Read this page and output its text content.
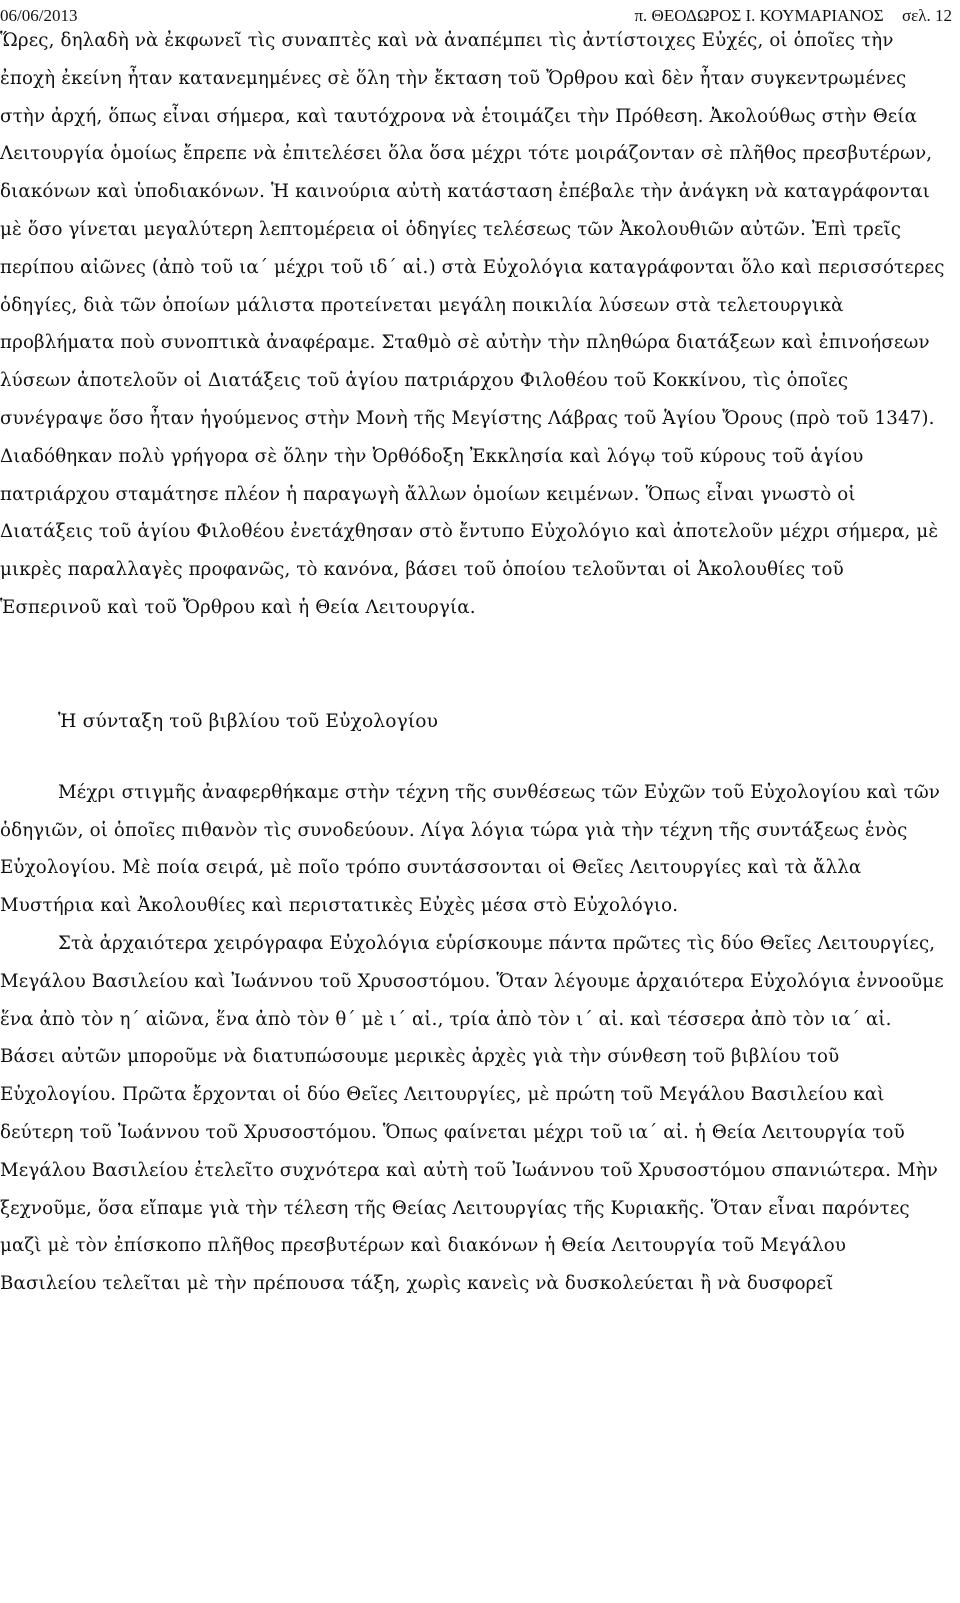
06/06/2013	π. ΘΕΟΔΩΡΟΣ Ι. ΚΟΥΜΑΡΙΑΝΟΣ σελ. 12

Ὥρες, δηλαδὴ νὰ ἐκφωνεῖ τὶς συναπτὲς καὶ νὰ ἀναπέμπει τὶς ἀντίστοιχες Εὐχές, οἱ ὁποῖες τὴν ἐποχὴ ἐκείνη ἦταν κατανεμημένες σὲ ὅλη τὴν ἔκταση τοῦ Ὄρθρου καὶ δὲν ἦταν συγκεντρωμένες στὴν ἀρχή, ὅπως εἶναι σήμερα, καὶ ταυτόχρονα νὰ ἑτοιμάζει τὴν Πρόθεση. Ἀκολούθως στὴν Θεία Λειτουργία ὁμοίως ἔπρεπε νὰ ἐπιτελέσει ὅλα ὅσα μέχρι τότε μοιράζονταν σὲ πλῆθος πρεσβυτέρων, διακόνων καὶ ὑποδιακόνων. Ἡ καινούρια αὐτὴ κατάσταση ἐπέβαλε τὴν ἀνάγκη νὰ καταγράφονται μὲ ὅσο γίνεται μεγαλύτερη λεπτομέρεια οἱ ὁδηγίες τελέσεως τῶν Ἀκολουθιῶν αὐτῶν. Ἐπὶ τρεῖς περίπου αἰῶνες (ἀπὸ τοῦ ια΄ μέχρι τοῦ ιδ΄ αἰ.) στὰ Εὐχολόγια καταγράφονται ὅλο καὶ περισσότερες ὁδηγίες, διὰ τῶν ὁποίων μάλιστα προτείνεται μεγάλη ποικιλία λύσεων στὰ τελετουργικὰ προβλήματα ποὺ συνοπτικὰ ἀναφέραμε. Σταθμὸ σὲ αὐτὴν τὴν πληθώρα διατάξεων καὶ ἐπινοήσεων λύσεων ἀποτελοῦν οἱ Διατάξεις τοῦ ἁγίου πατριάρχου Φιλοθέου τοῦ Κοκκίνου, τὶς ὁποῖες συνέγραψε ὅσο ἦταν ἡγούμενος στὴν Μονὴ τῆς Μεγίστης Λάβρας τοῦ Ἁγίου Ὄρους (πρὸ τοῦ 1347). Διαδόθηκαν πολὺ γρήγορα σὲ ὅλην τὴν Ὀρθόδοξη Ἐκκλησία καὶ λόγῳ τοῦ κύρους τοῦ ἁγίου πατριάρχου σταμάτησε πλέον ἡ παραγωγὴ ἄλλων ὁμοίων κειμένων. Ὅπως εἶναι γνωστὸ οἱ Διατάξεις τοῦ ἁγίου Φιλοθέου ἐνετάχθησαν στὸ ἔντυπο Εὐχολόγιο καὶ ἀποτελοῦν μέχρι σήμερα, μὲ μικρὲς παραλλαγὲς προφανῶς, τὸ κανόνα, βάσει τοῦ ὁποίου τελοῦνται οἱ Ἀκολουθίες τοῦ Ἑσπερινοῦ καὶ τοῦ Ὄρθρου καὶ ἡ Θεία Λειτουργία.

Ἡ σύνταξη τοῦ βιβλίου τοῦ Εὐχολογίου

Μέχρι στιγμῆς ἀναφερθήκαμε στὴν τέχνη τῆς συνθέσεως τῶν Εὐχῶν τοῦ Εὐχολογίου καὶ τῶν ὁδηγιῶν, οἱ ὁποῖες πιθανὸν τὶς συνοδεύουν. Λίγα λόγια τώρα γιὰ τὴν τέχνη τῆς συντάξεως ἑνὸς Εὐχολογίου. Μὲ ποία σειρά, μὲ ποῖο τρόπο συντάσσονται οἱ Θεῖες Λειτουργίες καὶ τὰ ἄλλα Μυστήρια καὶ Ἀκολουθίες καὶ περιστατικὲς Εὐχὲς μέσα στὸ Εὐχολόγιο.

Στὰ ἀρχαιότερα χειρόγραφα Εὐχολόγια εὑρίσκουμε πάντα πρῶτες τὶς δύο Θεῖες Λειτουργίες, Μεγάλου Βασιλείου καὶ Ἰωάννου τοῦ Χρυσοστόμου. Ὅταν λέγουμε ἀρχαιότερα Εὐχολόγια ἐννοοῦμε ἕνα ἀπὸ τὸν η΄ αἰῶνα, ἕνα ἀπὸ τὸν θ΄ μὲ ι΄ αἰ., τρία ἀπὸ τὸν ι΄ αἰ. καὶ τέσσερα ἀπὸ τὸν ια΄ αἰ. Βάσει αὐτῶν μποροῦμε νὰ διατυπώσουμε μερικὲς ἀρχὲς γιὰ τὴν σύνθεση τοῦ βιβλίου τοῦ Εὐχολογίου. Πρῶτα ἔρχονται οἱ δύο Θεῖες Λειτουργίες, μὲ πρώτη τοῦ Μεγάλου Βασιλείου καὶ δεύτερη τοῦ Ἰωάννου τοῦ Χρυσοστόμου. Ὅπως φαίνεται μέχρι τοῦ ια΄ αἰ. ἡ Θεία Λειτουργία τοῦ Μεγάλου Βασιλείου ἐτελεῖτο συχνότερα καὶ αὐτὴ τοῦ Ἰωάννου τοῦ Χρυσοστόμου σπανιώτερα. Μὴν ξεχνοῦμε, ὅσα εἴπαμε γιὰ τὴν τέλεση τῆς Θείας Λειτουργίας τῆς Κυριακῆς. Ὅταν εἶναι παρόντες μαζὶ μὲ τὸν ἐπίσκοπο πλῆθος πρεσβυτέρων καὶ διακόνων ἡ Θεία Λειτουργία τοῦ Μεγάλου Βασιλείου τελεῖται μὲ τὴν πρέπουσα τάξη, χωρὶς κανεὶς νὰ δυσκολεύεται ἢ νὰ δυσφορεῖ
